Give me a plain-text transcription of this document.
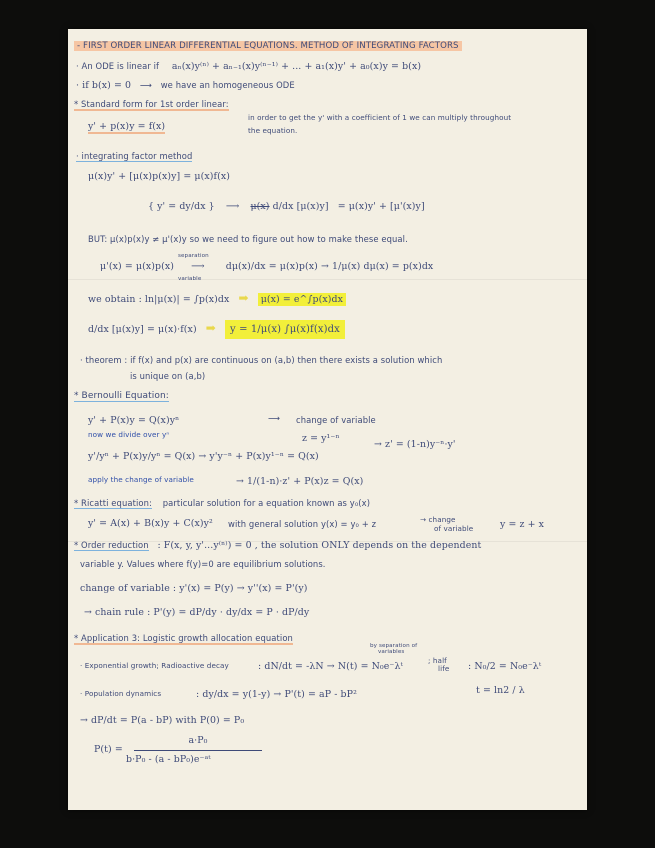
- FIRST ORDER LINEAR DIFFERENTIAL EQUATIONS. METHOD OF INTEGRATING FACTORS
· An ODE is linear if aₙ(x)y⁽ⁿ⁾ + aₙ₋₁(x)y⁽ⁿ⁻¹⁾ + ... + a₁(x)y' + a₀(x)y = b(x)
· if b(x) = 0 ⟶ we have an homogeneous ODE
* Standard form for 1st order linear:
y' + p(x)y = f(x)
in order to get the y' with a coefficient of 1 we can multiply throughout
the equation.
· integrating factor method
μ(x)y' + [μ(x)p(x)y] = μ(x)f(x)
{ y' = dy/dx } ⟶ μ(x) d/dx [μ(x)y] = μ(x)y' + [μ'(x)y]
BUT: μ(x)p(x)y ≠ μ'(x)y so we need to figure out how to make these equal.
separation
variable
μ'(x) = μ(x)p(x) ⟶ dμ(x)/dx = μ(x)p(x) → 1/μ(x) dμ(x) = p(x)dx
we obtain : ln|μ(x)| = ∫p(x)dx ➡ μ(x) = e^∫p(x)dx
d/dx [μ(x)y] = μ(x)·f(x) ➡ y = 1/μ(x) ∫μ(x)f(x)dx
· theorem : if f(x) and p(x) are continuous on (a,b) then there exists a solution which
is unique on (a,b)
* Bernoulli Equation:
y' + P(x)y = Q(x)yⁿ	⟶ change of variable
z = y¹⁻ⁿ
→ z' = (1-n)y⁻ⁿ·y'
now we divide over yⁿ
y'/yⁿ + P(x)y/yⁿ = Q(x) → y'y⁻ⁿ + P(x)y¹⁻ⁿ = Q(x)
apply the change of variable	→ 1/(1-n)·z' + P(x)z = Q(x)
* Ricatti equation: particular solution for a equation known as y₀(x)
y' = A(x) + B(x)y + C(x)y² with general solution y(x) = y₀ + z	→ change
of variable	y = z + x
* Order reduction : F(x, y, y'...y⁽ⁿ⁾) = 0 , the solution ONLY depends on the dependent
variable y. Values where f(y)=0 are equilibrium solutions.
change of variable : y'(x) = P(y) → y''(x) = P'(y)
→ chain rule : P'(y) = dP/dy · dy/dx = P · dP/dy
* Application 3: Logistic growth allocation equation
by separation of
variables
· Exponential growth; Radioactive decay	: dN/dt = -λN → N(t) = N₀e⁻λᵗ
; half
life : N₀/2 = N₀e⁻λᵗ
· Population dynamics	: dy/dx = y(1-y) → P'(t) = aP - bP²	t = ln2 / λ
→ dP/dt = P(a - bP) with P(0) = P₀
P(t) =
a·P₀
b·P₀ - (a - bP₀)e⁻ᵃᵗ
